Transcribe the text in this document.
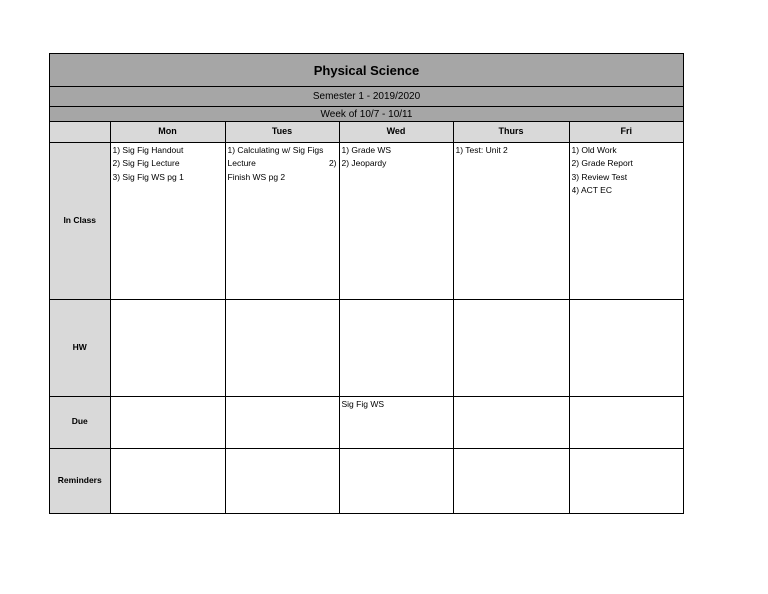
Physical Science
Semester 1 - 2019/2020
Week of 10/7 - 10/11
	Mon	Tues	Wed	Thurs	Fri
In Class	1) Sig Fig Handout
2) Sig Fig Lecture
3) Sig Fig WS pg 1	1) Calculating w/ Sig Figs
Lecture 2)
Finish WS pg 2	1) Grade WS
2) Jeopardy	1) Test: Unit 2	1) Old Work
2) Grade Report
3) Review Test
4) ACT EC

HW					
Due			Sig Fig WS		

Reminders					
